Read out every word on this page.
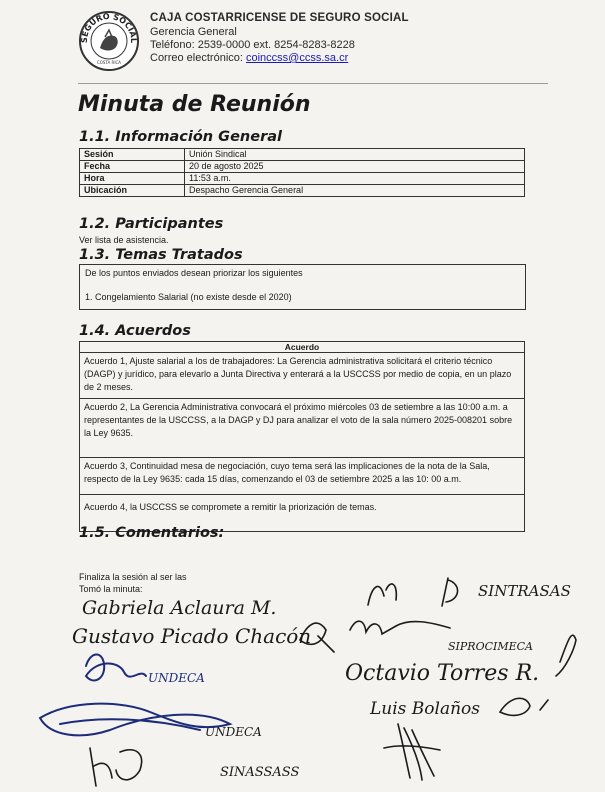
SEGURO SOCIAL
COSTA RICA
CAJA COSTARRICENSE DE SEGURO SOCIAL
Gerencia General
Teléfono: 2539-0000 ext. 8254-8283-8228
Correo electrónico: coinccss@ccss.sa.cr
Minuta de Reunión
1.1. Información General
Sesión	Unión Sindical
Fecha	20 de agosto 2025
Hora	11:53 a.m.
Ubicación	Despacho Gerencia General
1.2. Participantes
Ver lista de asistencia.
1.3. Temas Tratados
De los puntos enviados desean priorizar los siguientes
1. Congelamiento Salarial (no existe desde el 2020)
1.4. Acuerdos
Acuerdo
Acuerdo 1, Ajuste salarial a los de trabajadores: La Gerencia administrativa solicitará el criterio técnico (DAGP) y jurídico, para elevarlo a Junta Directiva y enterará a la USCCSS por medio de copia, en un plazo de 2 meses.
Acuerdo 2, La Gerencia Administrativa convocará el próximo miércoles 03 de setiembre a las 10:00 a.m. a representantes de la USCCSS, a la DAGP y DJ para analizar el voto de la sala número 2025-008201 sobre la Ley 9635.
Acuerdo 3, Continuidad mesa de negociación, cuyo tema será las implicaciones de la nota de la Sala, respecto de la Ley 9635: cada 15 días, comenzando el 03 de setiembre 2025 a las 10: 00 a.m.
Acuerdo 4, la USCCSS se compromete a remitir la priorización de temas.
1.5. Comentarios:
Finaliza la sesión al ser las
Tomó la minuta:
Gabriela Aclaura M.
Gustavo Picado Chacón
UNDECA
UNDECA
SINASSASS
SINTRASAS
SIPROCIMECA
Octavio Torres R.
Luis Bolaños
